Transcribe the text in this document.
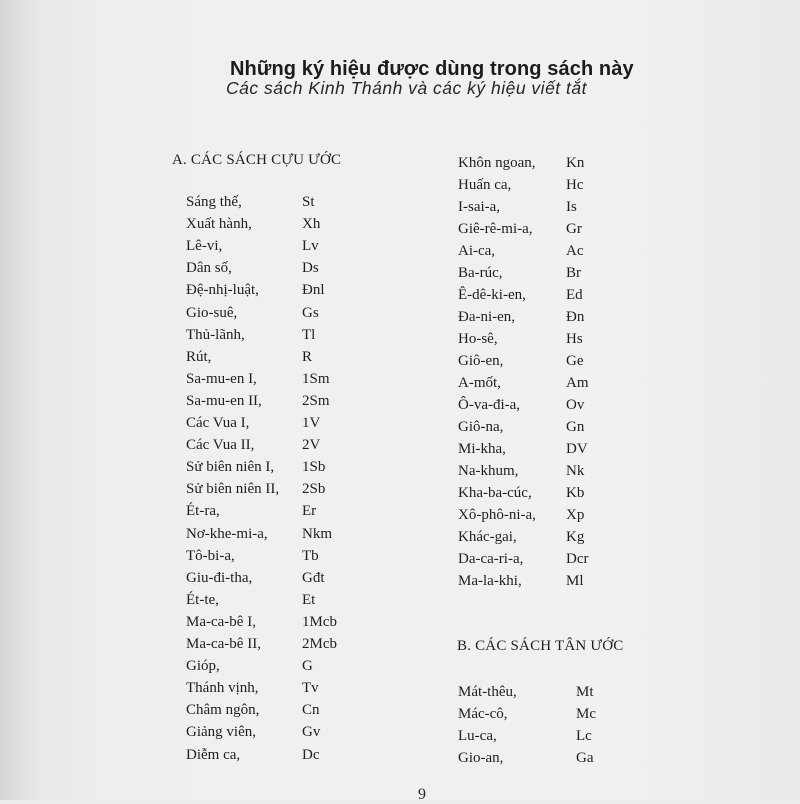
Những ký hiệu được dùng trong sách này
Các sách Kinh Thánh và các ký hiệu viết tắt
A. CÁC SÁCH CỰU ƯỚC
B. CÁC SÁCH TÂN ƯỚC
Sáng thế,	St
Xuất hành,	Xh
Lê-vi,	Lv
Dân số,	Ds
Đệ-nhị-luật,	Đnl
Gio-suê,	Gs
Thủ-lãnh,	Tl
Rút,	R
Sa-mu-en I,	1Sm
Sa-mu-en II,	2Sm
Các Vua I,	1V
Các Vua II,	2V
Sử biên niên I, 1Sb
Sử biên niên II, 2Sb
Ét-ra,	Er
Nơ-khe-mi-a, Nkm
Tô-bi-a,	Tb
Giu-đi-tha,	Gđt
Ét-te,	Et
Ma-ca-bê I,	1Mcb
Ma-ca-bê II,	2Mcb
Gióp,	G
Thánh vịnh,	Tv
Châm ngôn,	Cn
Giảng viên,	Gv
Diễm ca,	Dc
Khôn ngoan, Kn
Huấn ca,	Hc
I-sai-a,	Is
Giê-rê-mi-a, Gr
Ai-ca,	Ac
Ba-rúc,	Br
Ê-dê-ki-en,	Ed
Đa-ni-en,	Đn
Ho-sê,	Hs
Giô-en,	Ge
A-mốt,	Am
Ô-va-đi-a,	Ov
Giô-na,	Gn
Mi-kha,	DV
Na-khum,	Nk
Kha-ba-cúc, Kb
Xô-phô-ni-a, Xp
Khác-gai,	Kg
Da-ca-ri-a,	Dcr
Ma-la-khi,	Ml
Mát-thêu,	Mt
Mác-cô,	Mc
Lu-ca,	Lc
Gio-an,	Ga
9
